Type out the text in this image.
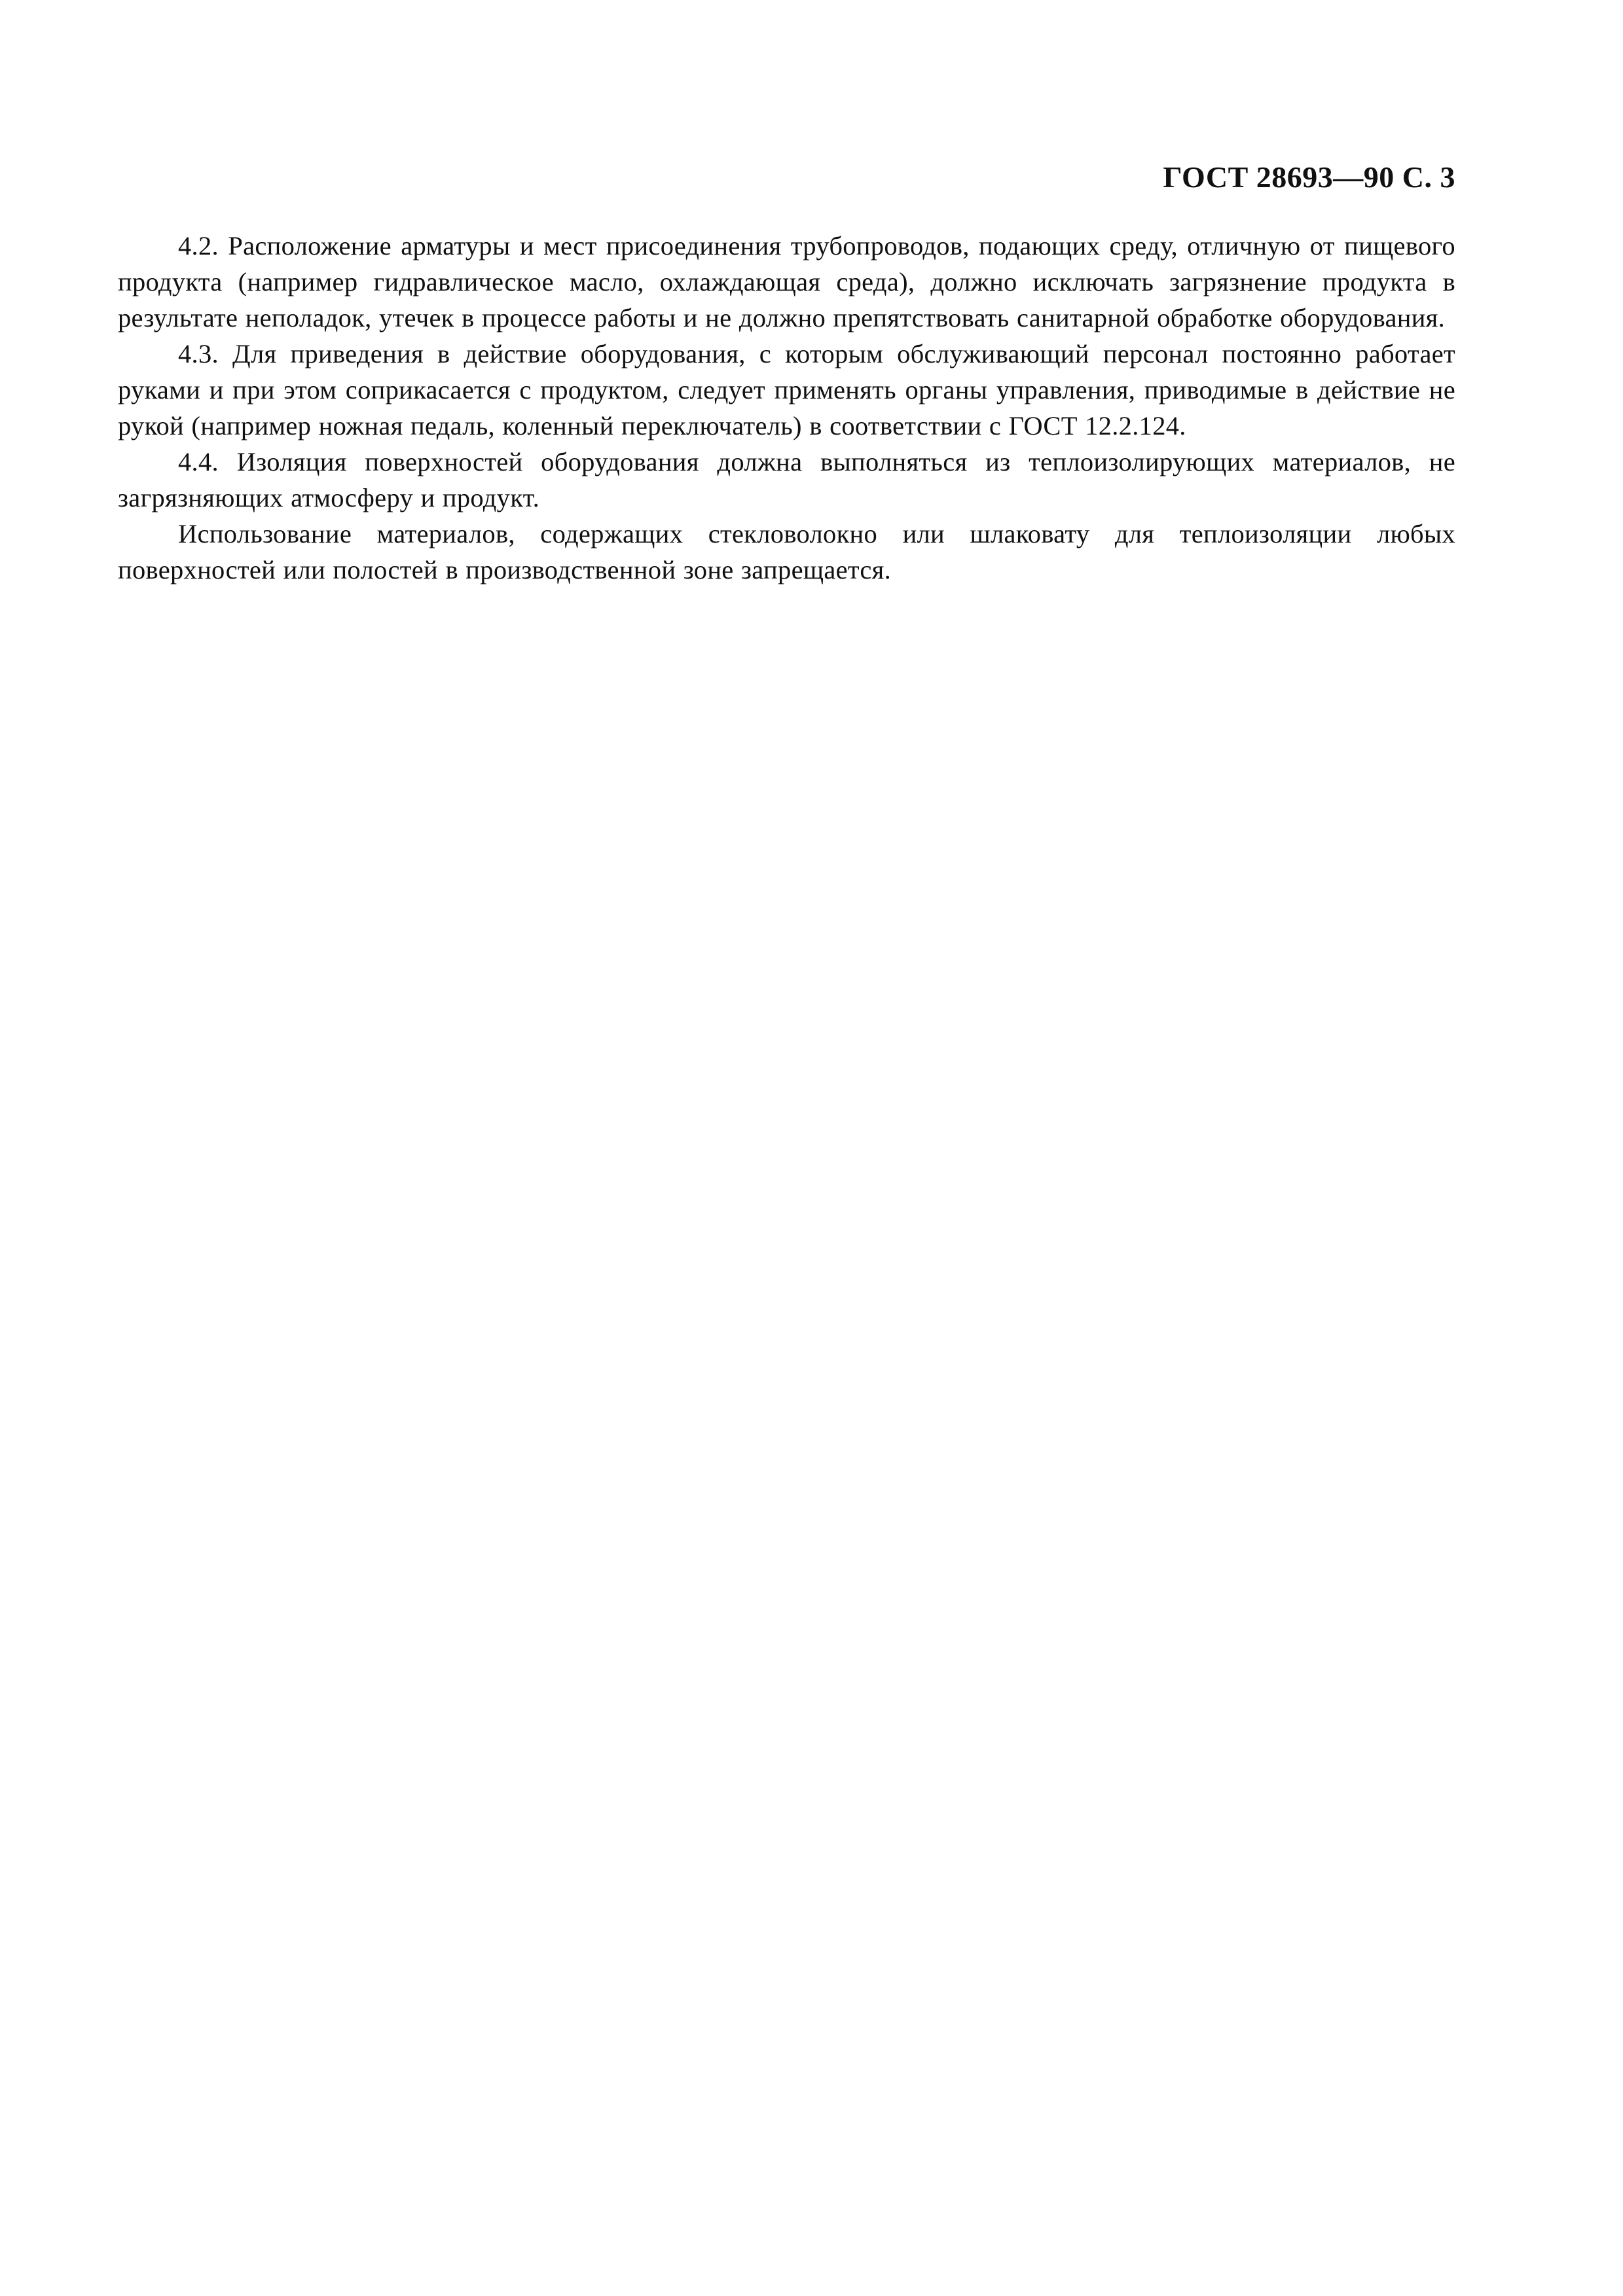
ГОСТ 28693—90 С. 3

4.2. Расположение арматуры и мест присоединения трубопроводов, подающих среду, отличную от пищевого продукта (например гидравлическое масло, охлаждающая среда), должно исключать загрязнение продукта в результате неполадок, утечек в процессе работы и не должно препятствовать санитарной обработке оборудования.

4.3. Для приведения в действие оборудования, с которым обслуживающий персонал постоянно работает руками и при этом соприкасается с продуктом, следует применять органы управления, приводимые в действие не рукой (например ножная педаль, коленный переключатель) в соответствии с ГОСТ 12.2.124.

4.4. Изоляция поверхностей оборудования должна выполняться из теплоизолирующих материалов, не загрязняющих атмосферу и продукт.

Использование материалов, содержащих стекловолокно или шлаковату для теплоизоляции любых поверхностей или полостей в производственной зоне запрещается.
